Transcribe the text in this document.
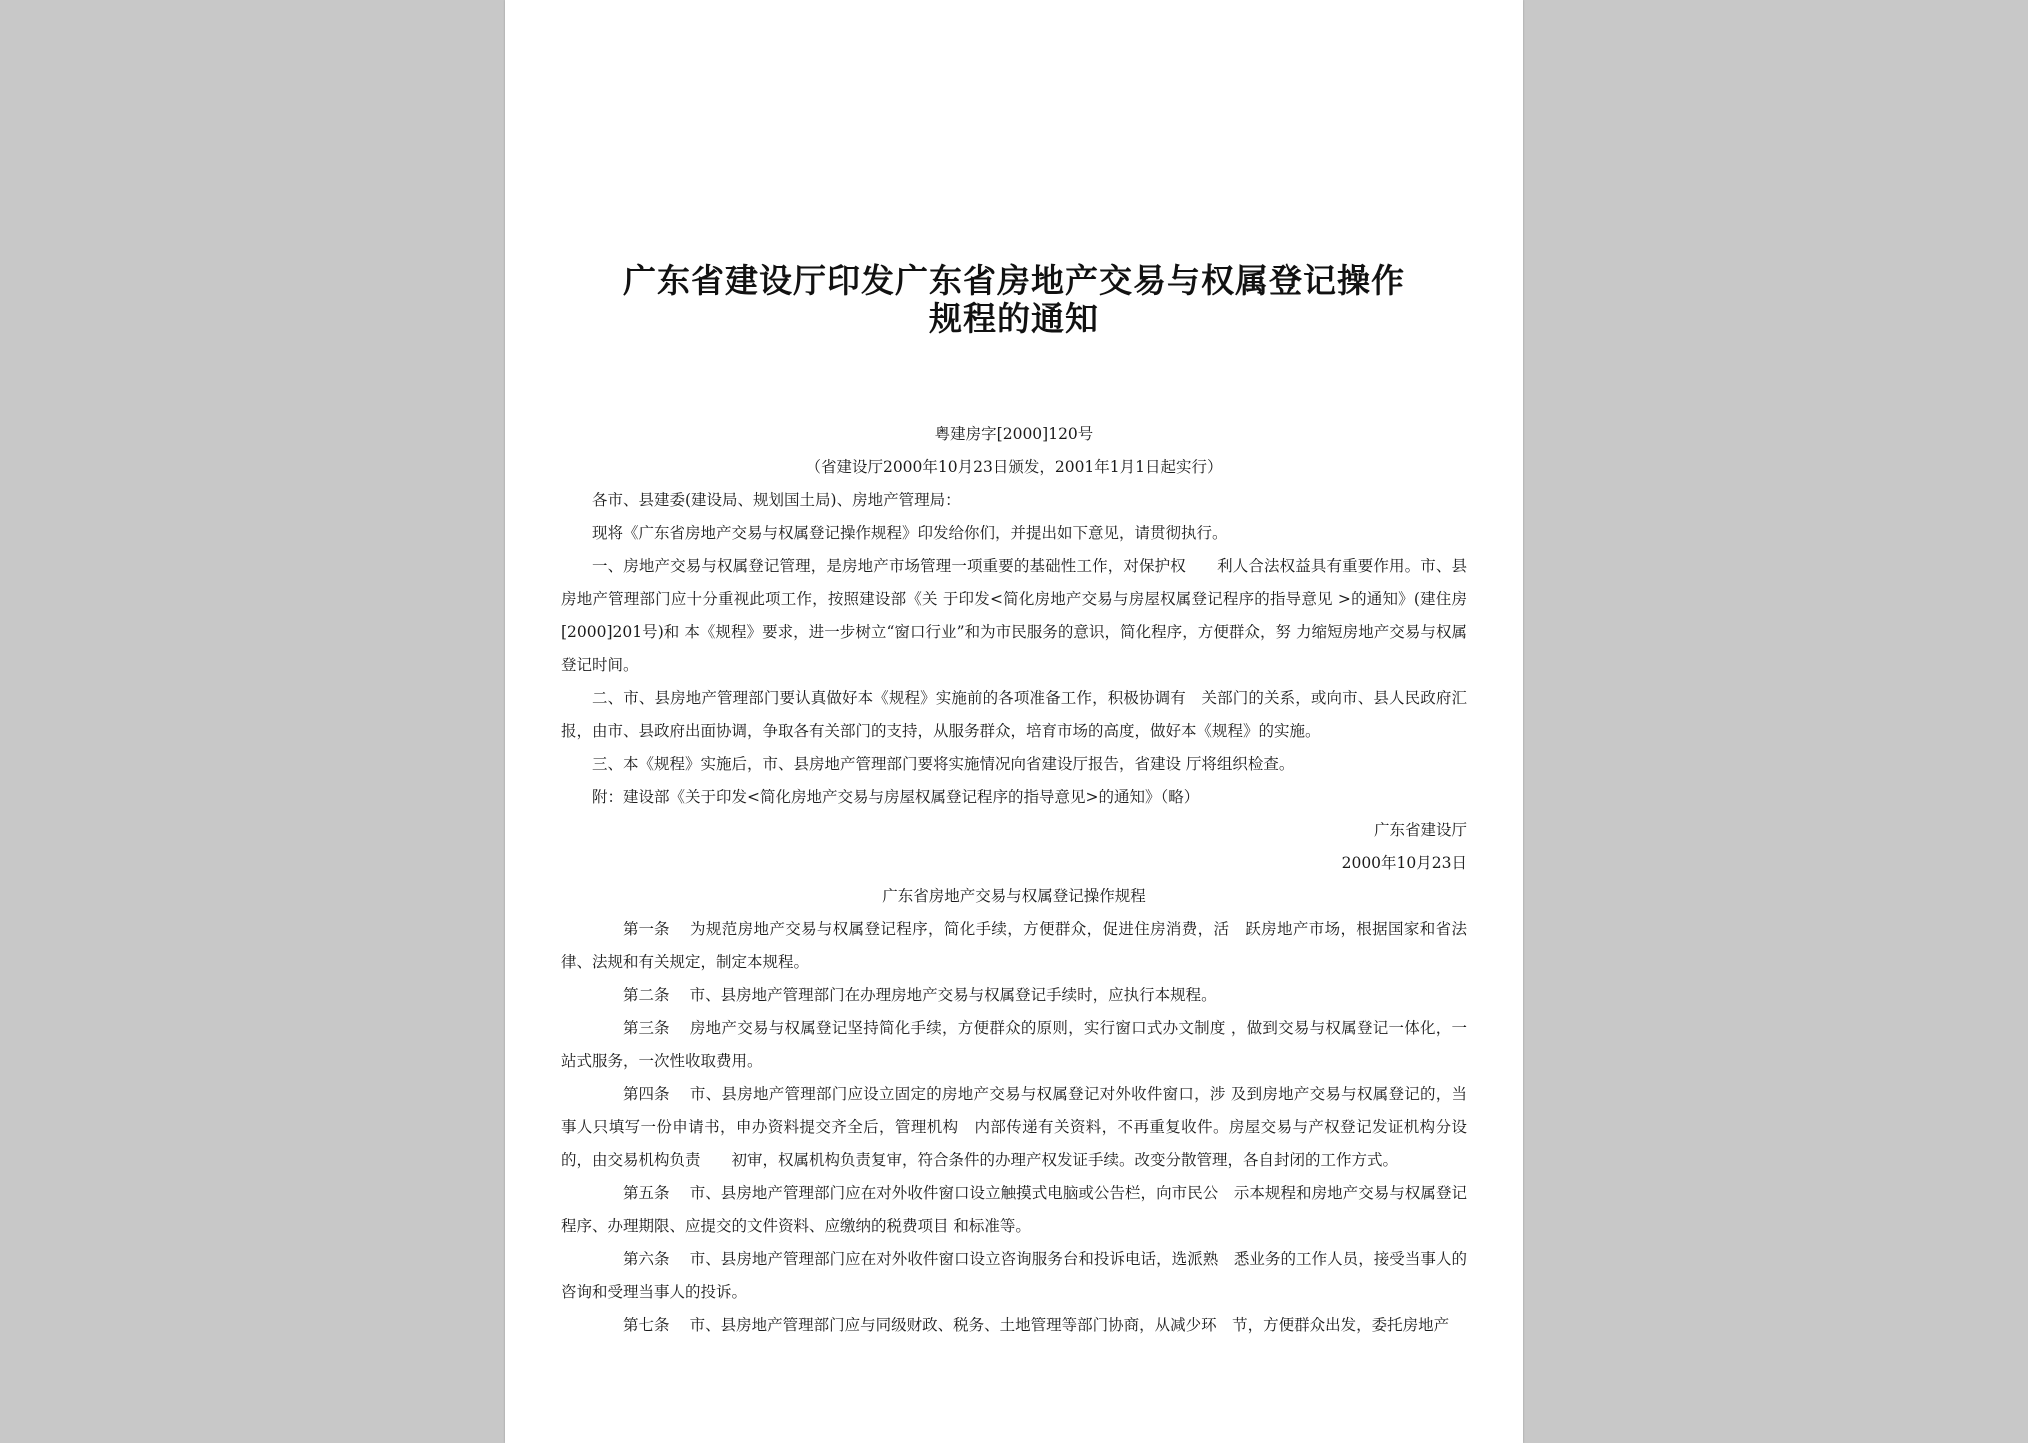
广东省建设厅印发广东省房地产交易与权属登记操作
规程的通知

粤建房字[2000]120号

（省建设厅2000年10月23日颁发，2001年1月1日起实行）

各市、县建委(建设局、规划国土局)、房地产管理局：

现将《广东省房地产交易与权属登记操作规程》印发给你们，并提出如下意见，请贯彻执行。

一、房地产交易与权属登记管理，是房地产市场管理一项重要的基础性工作，对保护权　　利人合法权益具有重要作用。市、县房地产管理部门应十分重视此项工作，按照建设部《关 于印发<简化房地产交易与房屋权属登记程序的指导意见 >的通知》(建住房[2000]201号)和 本《规程》要求，进一步树立“窗口行业”和为市民服务的意识，简化程序，方便群众，努 力缩短房地产交易与权属登记时间。

二、市、县房地产管理部门要认真做好本《规程》实施前的各项准备工作，积极协调有　关部门的关系，或向市、县人民政府汇报，由市、县政府出面协调，争取各有关部门的支持，从服务群众，培育市场的高度，做好本《规程》的实施。

三、本《规程》实施后，市、县房地产管理部门要将实施情况向省建设厅报告，省建设 厅将组织检查。

附：建设部《关于印发<简化房地产交易与房屋权属登记程序的指导意见>的通知》（略）

广东省建设厅

2000年10月23日

广东省房地产交易与权属登记操作规程

第一条 为规范房地产交易与权属登记程序，简化手续，方便群众，促进住房消费，活　跃房地产市场，根据国家和省法律、法规和有关规定，制定本规程。

第二条 市、县房地产管理部门在办理房地产交易与权属登记手续时，应执行本规程。

第三条 房地产交易与权属登记坚持简化手续，方便群众的原则，实行窗口式办文制度 ，做到交易与权属登记一体化，一站式服务，一次性收取费用。

第四条 市、县房地产管理部门应设立固定的房地产交易与权属登记对外收件窗口，涉 及到房地产交易与权属登记的，当事人只填写一份申请书，申办资料提交齐全后，管理机构　内部传递有关资料，不再重复收件。房屋交易与产权登记发证机构分设的，由交易机构负责　　初审，权属机构负责复审，符合条件的办理产权发证手续。改变分散管理，各自封闭的工作方式。

第五条 市、县房地产管理部门应在对外收件窗口设立触摸式电脑或公告栏，向市民公　示本规程和房地产交易与权属登记程序、办理期限、应提交的文件资料、应缴纳的税费项目 和标准等。

第六条 市、县房地产管理部门应在对外收件窗口设立咨询服务台和投诉电话，选派熟　悉业务的工作人员，接受当事人的咨询和受理当事人的投诉。

第七条 市、县房地产管理部门应与同级财政、税务、土地管理等部门协商，从减少环　节，方便群众出发，委托房地产
